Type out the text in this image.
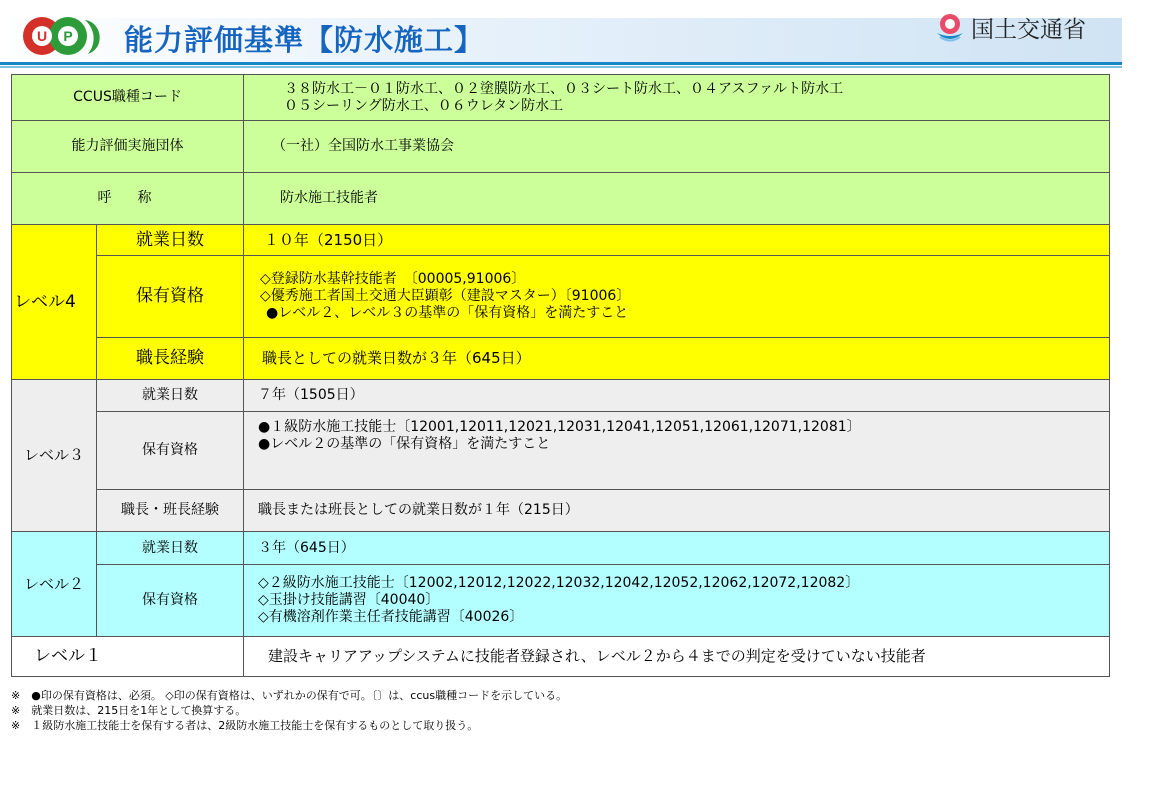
U P 能力評価基準【防水施工】	国土交通省
CCUS職種コード		３８防水工－０１防水工、０２塗膜防水工、０３シート防水工、０４アスファルト防水工
０５シーリング防水工、０６ウレタン防水工

能力評価実施団体		（一社）全国防水工事業協会
呼　称		防水施工技能者
レベル4	就業日数	１０年（2150日）
	保有資格	◇登録防水基幹技能者　〔00005,91006〕
◇優秀施工者国土交通大臣顕彰（建設マスター）〔91006〕
●レベル２、レベル３の基準の「保有資格」を満たすこと

	職長経験	職長としての就業日数が３年（645日）
レベル３	就業日数	７年（1505日）
	保有資格	●１級防水施工技能士〔12001,12011,12021,12031,12041,12051,12061,12071,12081〕
●レベル２の基準の「保有資格」を満たすこと

	職長・班長経験	職長または班長としての就業日数が１年（215日）
レベル２	就業日数	３年（645日）
	保有資格	◇２級防水施工技能士〔12002,12012,12022,12032,12042,12052,12062,12072,12082〕
◇玉掛け技能講習〔40040〕
◇有機溶剤作業主任者技能講習〔40026〕

レベル１		建設キャリアアップシステムに技能者登録され、レベル２から４までの判定を受けていない技能者
※　●印の保有資格は、必須。 ◇印の保有資格は、いずれかの保有で可。〔〕は、ccus職種コードを示している。
※　就業日数は、215日を1年として換算する。
※　１級防水施工技能士を保有する者は、2級防水施工技能士を保有するものとして取り扱う。
